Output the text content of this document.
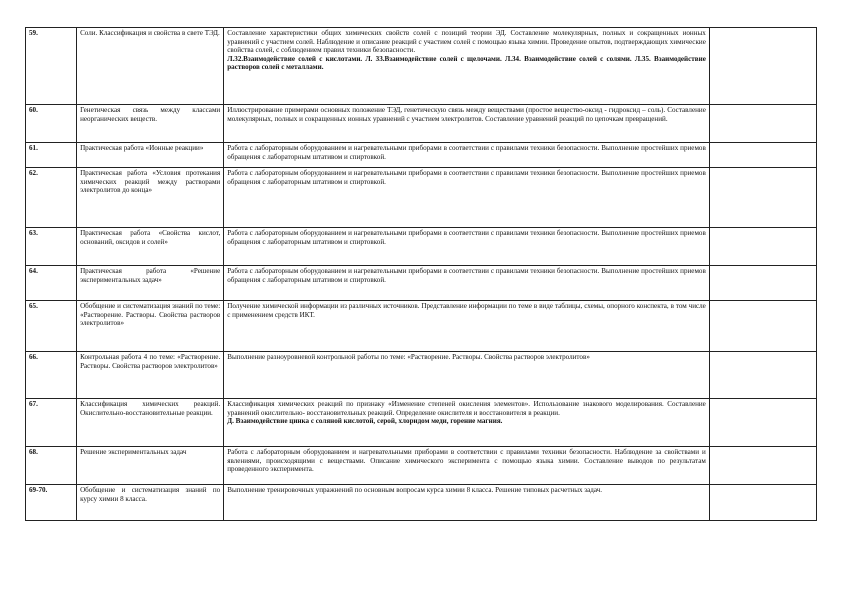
59.	Соли. Классификация и свойства в свете ТЭД.	Составление характеристики общих химических свойств солей с позиций теории ЭД. Составление молекулярных, полных и сокращенных ионных уравнений с участием солей. Наблюдение и описание реакций с участием солей с помощью языка химии. Проведение опытов, подтверждающих химические свойства солей, с соблюдением правил техники безопасности.
Л.32.Взаимодействие солей с кислотами. Л. 33.Взаимодействие солей с щелочами. Л.34. Взаимодействие солей с солями. Л.35. Взаимодействие растворов солей с металлами.	

60.	Генетическая связь между классами неорганических веществ.	Иллюстрирование примерами основных положение ТЭД, генетическую связь между веществами (простое вещество-оксид - гидроксид – соль). Составление молекулярных, полных и сокращенных ионных уравнений с участием электролитов. Составление уравнений реакций по цепочкам превращений.	
61.	Практическая работа «Ионные реакции»	Работа с лабораторным оборудованием и нагревательными приборами в соответствии с правилами техники безопасности. Выполнение простейших приемов обращения с лабораторным штативом и спиртовкой.	
62.	Практическая работа «Условия протекания химических реакций между растворами электролитов до конца»	Работа с лабораторным оборудованием и нагревательными приборами в соответствии с правилами техники безопасности. Выполнение простейших приемов обращения с лабораторным штативом и спиртовкой.	
63.	Практическая работа «Свойства кислот, оснований, оксидов и солей»	Работа с лабораторным оборудованием и нагревательными приборами в соответствии с правилами техники безопасности. Выполнение простейших приемов обращения с лабораторным штативом и спиртовкой.	
64.	Практическая работа «Решение экспериментальных задач»	Работа с лабораторным оборудованием и нагревательными приборами в соответствии с правилами техники безопасности. Выполнение простейших приемов обращения с лабораторным штативом и спиртовкой.	
65.	Обобщение и систематизация знаний по теме: «Растворение. Растворы. Свойства растворов электролитов»	Получение химической информации из различных источников. Представление информации по теме в виде таблицы, схемы, опорного конспекта, в том числе с применением средств ИКТ.	
66.	Контрольная работа 4 по теме: «Растворение. Растворы. Свойства растворов электролитов»	Выполнение разноуровневой контрольной работы по теме: «Растворение. Растворы. Свойства растворов электролитов»	
67.	Классификация химических реакций. Окислительно-восстановительные реакции.	Классификация химических реакций по признаку «Изменение степеней окисления элементов». Использование знакового моделирования. Составление уравнений окислительно- восстановительных реакций. Определение окислителя и восстановителя в реакции.
Д. Взаимодействие цинка с соляной кислотой, серой, хлоридом меди, горение магния.	

68.	Решение экспериментальных задач	Работа с лабораторным оборудованием и нагревательными приборами в соответствии с правилами техники безопасности. Наблюдение за свойствами и явлениями, происходящими с веществами. Описание химического эксперимента с помощью языка химии. Составление выводов по результатам проведенного эксперимента.	
69-70.	Обобщение и систематизация знаний по курсу химии 8 класса.	Выполнение тренировочных упражнений по основным вопросам курса химии 8 класса. Решение типовых расчетных задач.	
